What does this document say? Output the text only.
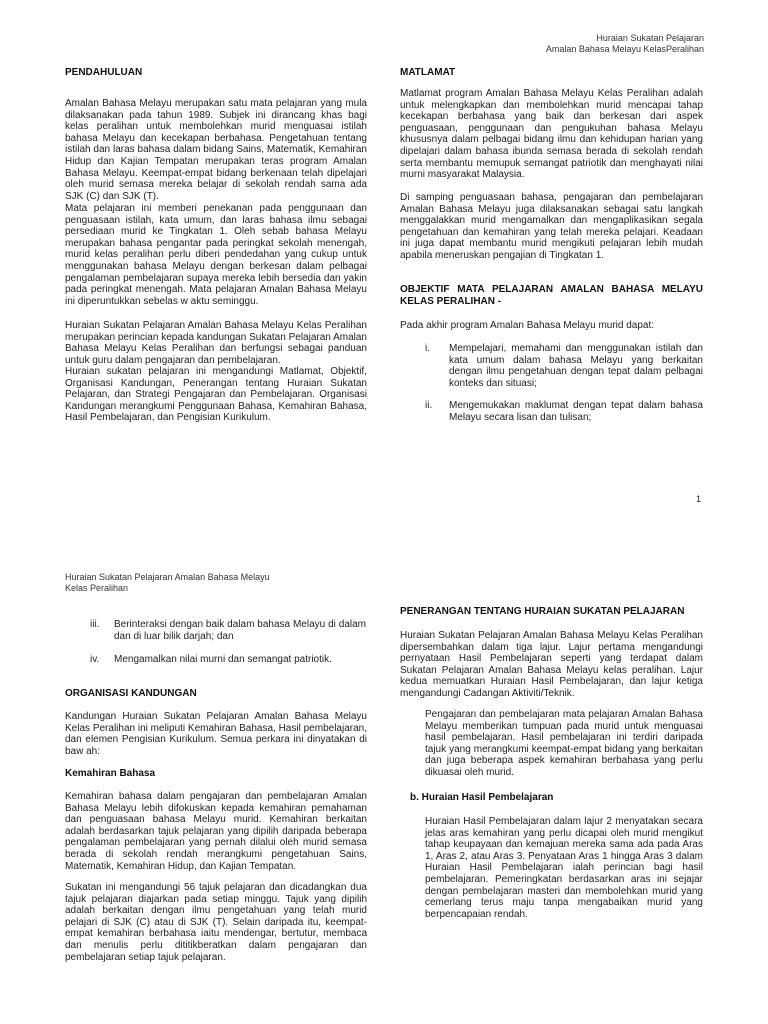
Huraian Sukatan Pelajaran
Amalan Bahasa Melayu KelasPeralihan
PENDAHULUAN
Amalan Bahasa Melayu merupakan satu mata pelajaran yang mula dilaksanakan pada tahun 1989. Subjek ini dirancang khas bagi kelas peralihan untuk membolehkan murid menguasai istilah bahasa Melayu dan kecekapan berbahasa. Pengetahuan tentang istilah dan laras bahasa dalam bidang Sains, Matematik, Kemahiran Hidup dan Kajian Tempatan merupakan teras program Amalan Bahasa Melayu. Keempat-empat bidang berkenaan telah dipelajari oleh murid semasa mereka belajar di sekolah rendah sama ada SJK (C) dan SJK (T).
Mata pelajaran ini memberi penekanan pada penggunaan dan penguasaan istilah, kata umum, dan laras bahasa ilmu sebagai persediaan murid ke Tingkatan 1. Oleh sebab bahasa Melayu merupakan bahasa pengantar pada peringkat sekolah menengah, murid kelas peralihan perlu diberi pendedahan yang cukup untuk menggunakan bahasa Melayu dengan berkesan dalam pelbagai pengalaman pembelajaran supaya mereka lebih bersedia dan yakin pada peringkat menengah. Mata pelajaran Amalan Bahasa Melayu ini diperuntukkan sebelas w aktu seminggu.
Huraian Sukatan Pelajaran Amalan Bahasa Melayu Kelas Peralihan merupakan perincian kepada kandungan Sukatan Pelajaran Amalan Bahasa Melayu Kelas Peralihan dan berfungsi sebagai panduan untuk guru dalam pengajaran dan pembelajaran.
Huraian sukatan pelajaran ini mengandungi Matlamat, Objektif, Organisasi Kandungan, Penerangan tentang Huraian Sukatan Pelajaran, dan Strategi Pengajaran dan Pembelajaran. Organisasi Kandungan merangkumi Penggunaan Bahasa, Kemahiran Bahasa, Hasil Pembelajaran, dan Pengisian Kurikulum.
MATLAMAT
Matlamat program Amalan Bahasa Melayu Kelas Peralihan adalah untuk melengkapkan dan membolehkan murid mencapai tahap kecekapan berbahasa yang baik dan berkesan dari aspek penguasaan, penggunaan dan pengukuhan bahasa Melayu khususnya dalam pelbagai bidang ilmu dan kehidupan harian yang dipelajari dalam bahasa ibunda semasa berada di sekolah rendah serta membantu memupuk semangat patriotik dan menghayati nilai murni masyarakat Malaysia.
Di samping penguasaan bahasa, pengajaran dan pembelajaran Amalan Bahasa Melayu juga dilaksanakan sebagai satu langkah menggalakkan murid mengamalkan dan mengaplikasikan segala pengetahuan dan kemahiran yang telah mereka pelajari. Keadaan ini juga dapat membantu murid mengikuti pelajaran lebih mudah apabila meneruskan pengajian di Tingkatan 1.
OBJEKTIF MATA PELAJARAN AMALAN BAHASA MELAYU KELAS PERALIHAN -
Pada akhir program Amalan Bahasa Melayu murid dapat:
i. Mempelajari, memahami dan menggunakan istilah dan kata umum dalam bahasa Melayu yang berkaitan dengan ilmu pengetahuan dengan tepat dalam pelbagai konteks dan situasi;
ii. Mengemukakan maklumat dengan tepat dalam bahasa Melayu secara lisan dan tulisan;
1
Huraian Sukatan Pelajaran Amalan Bahasa Melayu
Kelas Peralihan
iii. Berinteraksi dengan baik dalam bahasa Melayu di dalam dan di luar bilik darjah; dan
iv. Mengamalkan nilai murni dan semangat patriotik.
ORGANISASI KANDUNGAN
Kandungan Huraian Sukatan Pelajaran Amalan Bahasa Melayu Kelas Peralihan ini meliputi Kemahiran Bahasa, Hasil pembelajaran, dan elemen Pengisian Kurikulum. Semua perkara ini dinyatakan di baw ah:
Kemahiran Bahasa
Kemahiran bahasa dalam pengajaran dan pembelajaran Amalan Bahasa Melayu lebih difokuskan kepada kemahiran pemahaman dan penguasaan bahasa Melayu murid. Kemahiran berkaitan adalah berdasarkan tajuk pelajaran yang dipilih daripada beberapa pengalaman pembelajaran yang pernah dilalui oleh murid semasa berada di sekolah rendah merangkumi pengetahuan Sains, Matematik, Kemahiran Hidup, dan Kajian Tempatan.
Sukatan ini mengandungi 56 tajuk pelajaran dan dicadangkan dua tajuk pelajaran diajarkan pada setiap minggu. Tajuk yang dipilih adalah berkaitan dengan ilmu pengetahuan yang telah murid pelajari di SJK (C) atau di SJK (T). Selain daripada itu, keempat-empat kemahiran berbahasa iaitu mendengar, bertutur, membaca dan menulis perlu dititikberatkan dalam pengajaran dan pembelajaran setiap tajuk pelajaran.
PENERANGAN TENTANG HURAIAN SUKATAN PELAJARAN
Huraian Sukatan Pelajaran Amalan Bahasa Melayu Kelas Peralihan dipersembahkan dalam tiga lajur. Lajur pertama mengandungi pernyataan Hasil Pembelajaran seperti yang terdapat dalam Sukatan Pelajaran Amalan Bahasa Melayu kelas peralihan. Lajur kedua memuatkan Huraian Hasil Pembelajaran, dan lajur ketiga mengandungi Cadangan Aktiviti/Teknik.
Pengajaran dan pembelajaran mata pelajaran Amalan Bahasa Melayu memberikan tumpuan pada murid untuk menguasai hasil pembelajaran. Hasil pembelajaran ini terdiri daripada tajuk yang merangkumi keempat-empat bidang yang berkaitan dan juga beberapa aspek kemahiran berbahasa yang perlu dikuasai oleh murid.
b. Huraian Hasil Pembelajaran
Huraian Hasil Pembelajaran dalam lajur 2 menyatakan secara jelas aras kemahiran yang perlu dicapai oleh murid mengikut tahap keupayaan dan kemajuan mereka sama ada pada Aras 1, Aras 2, atau Aras 3. Penyataan Aras 1 hingga Aras 3 dalam Huraian Hasil Pembelajaran ialah perincian bagi hasil pembelajaran. Pemeringkatan berdasarkan aras ini sejajar dengan pembelajaran masteri dan membolehkan murid yang cemerlang terus maju tanpa mengabaikan murid yang berpencapaian rendah.
